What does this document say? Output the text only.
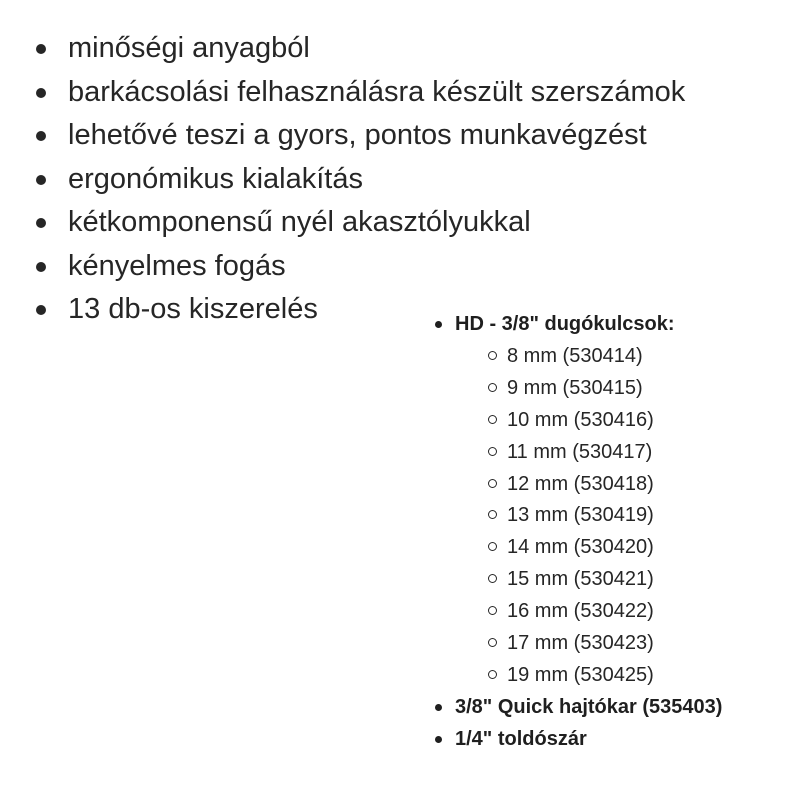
minőségi anyagból
barkácsolási felhasználásra készült szerszámok
lehetővé teszi a gyors, pontos munkavégzést
ergonómikus kialakítás
kétkomponensű nyél akasztólyukkal
kényelmes fogás
13 db-os kiszerelés	HD - 3/8" dugókulcsok:
8 mm (530414)
9 mm (530415)
10 mm (530416)
11 mm (530417)
12 mm (530418)
13 mm (530419)
14 mm (530420)
15 mm (530421)
16 mm (530422)
17 mm (530423)
19 mm (530425)
3/8" Quick hajtókar (535403)
1/4" toldószár
